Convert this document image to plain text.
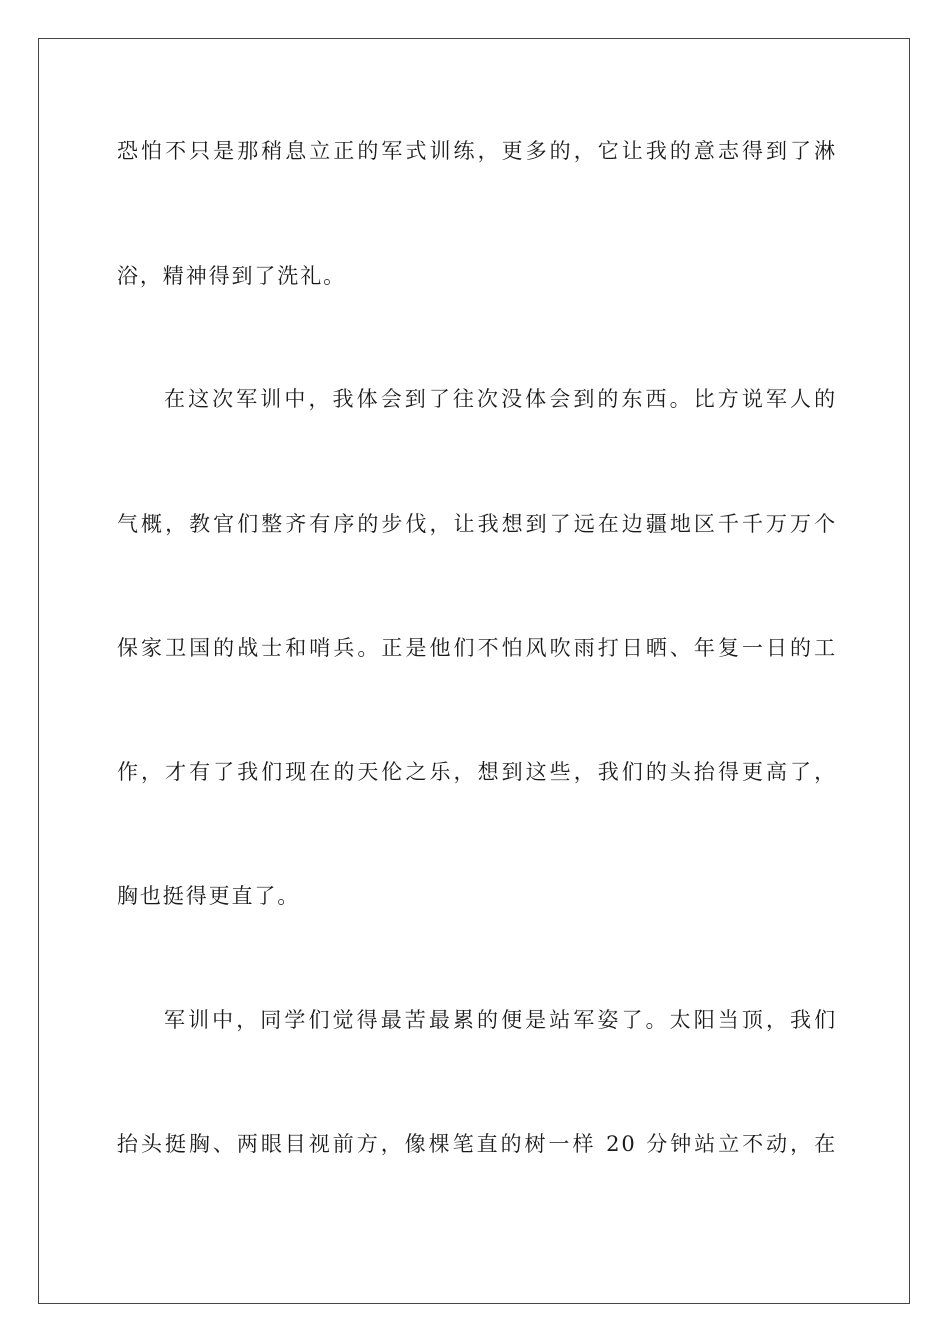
恐怕不只是那稍息立正的军式训练，更多的，它让我的意志得到了淋
浴，精神得到了洗礼。
在这次军训中，我体会到了往次没体会到的东西。比方说军人的
气概，教官们整齐有序的步伐，让我想到了远在边疆地区千千万万个
保家卫国的战士和哨兵。正是他们不怕风吹雨打日晒、年复一日的工
作，才有了我们现在的天伦之乐，想到这些，我们的头抬得更高了，
胸也挺得更直了。
军训中，同学们觉得最苦最累的便是站军姿了。太阳当顶，我们
抬头挺胸、两眼目视前方，像棵笔直的树一样 20 分钟站立不动，在
